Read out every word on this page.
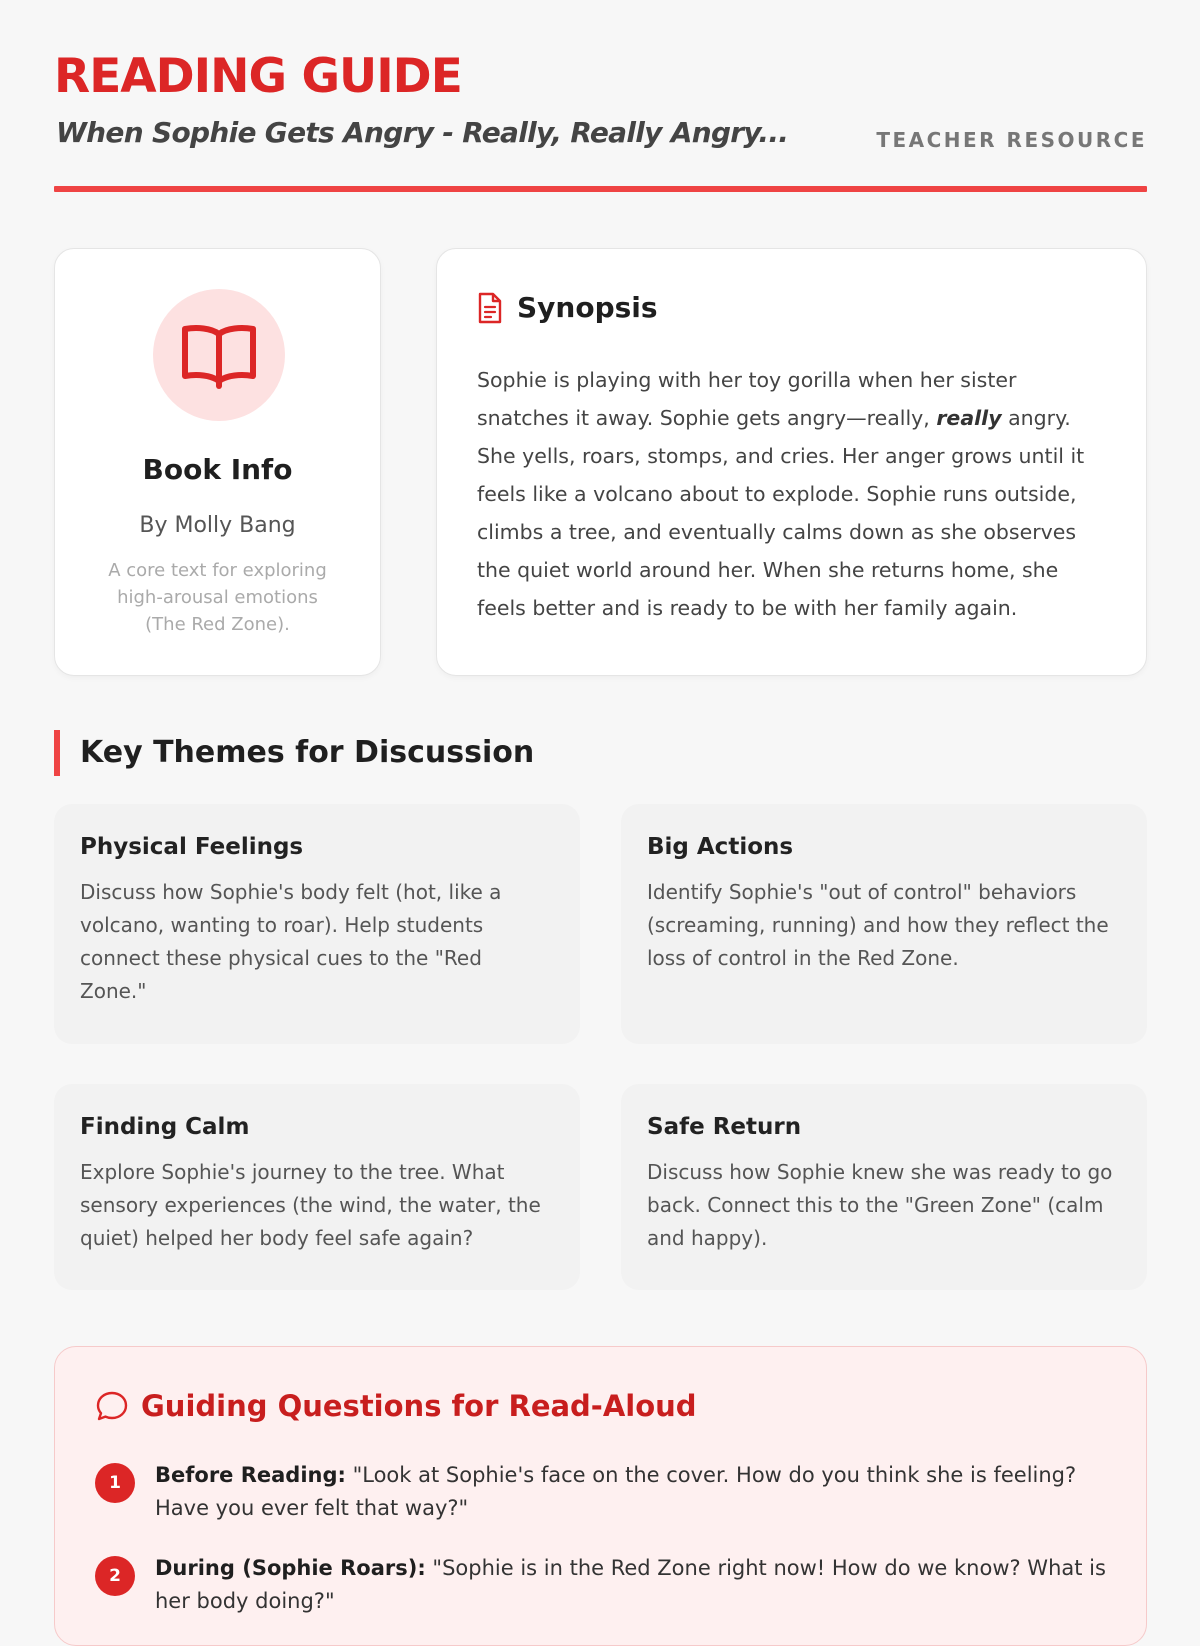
READING GUIDE
When Sophie Gets Angry - Really, Really Angry...	TEACHER RESOURCE
Book Info
By Molly Bang
A core text for exploring high-arousal emotions (The Red Zone).
Synopsis
Sophie is playing with her toy gorilla when her sister snatches it away. Sophie gets angry—really, really angry. She yells, roars, stomps, and cries. Her anger grows until it feels like a volcano about to explode. Sophie runs outside, climbs a tree, and eventually calms down as she observes the quiet world around her. When she returns home, she feels better and is ready to be with her family again.
Key Themes for Discussion
Physical Feelings
Discuss how Sophie's body felt (hot, like a volcano, wanting to roar). Help students connect these physical cues to the "Red Zone."
Big Actions
Identify Sophie's "out of control" behaviors (screaming, running) and how they reflect the loss of control in the Red Zone.
Finding Calm
Explore Sophie's journey to the tree. What sensory experiences (the wind, the water, the quiet) helped her body feel safe again?
Safe Return
Discuss how Sophie knew she was ready to go back. Connect this to the "Green Zone" (calm and happy).
Guiding Questions for Read-Aloud
1	Before Reading: "Look at Sophie's face on the cover. How do you think she is feeling? Have you ever felt that way?"
2	During (Sophie Roars): "Sophie is in the Red Zone right now! How do we know? What is her body doing?"
